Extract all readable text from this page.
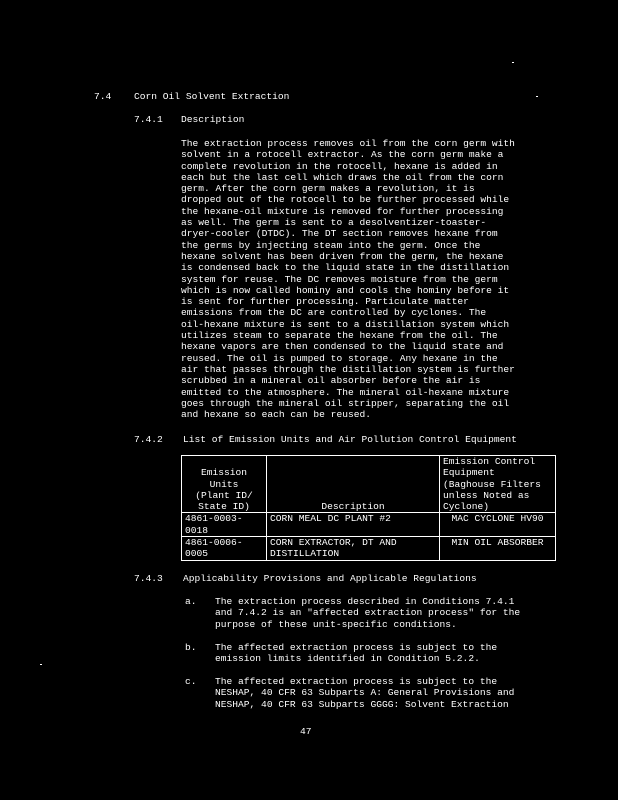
7.4 Corn Oil Solvent Extraction
7.4.1 Description
The extraction process removes oil from the corn germ with
solvent in a rotocell extractor. As the corn germ make a
complete revolution in the rotocell, hexane is added in
each but the last cell which draws the oil from the corn
germ. After the corn germ makes a revolution, it is
dropped out of the rotocell to be further processed while
the hexane-oil mixture is removed for further processing
as well. The germ is sent to a desolventizer-toaster-
dryer-cooler (DTDC). The DT section removes hexane from
the germs by injecting steam into the germ. Once the
hexane solvent has been driven from the germ, the hexane
is condensed back to the liquid state in the distillation
system for reuse. The DC removes moisture from the germ
which is now called hominy and cools the hominy before it
is sent for further processing. Particulate matter
emissions from the DC are controlled by cyclones. The
oil-hexane mixture is sent to a distillation system which
utilizes steam to separate the hexane from the oil. The
hexane vapors are then condensed to the liquid state and
reused. The oil is pumped to storage. Any hexane in the
air that passes through the distillation system is further
scrubbed in a mineral oil absorber before the air is
emitted to the atmosphere. The mineral oil-hexane mixture
goes through the mineral oil stripper, separating the oil
and hexane so each can be reused.
7.4.2 List of Emission Units and Air Pollution Control Equipment
Emission
Units
(Plant ID/
State ID)	Description	Emission Control
Equipment
(Baghouse Filters
unless Noted as
Cyclone)
4861-0003-
0018	CORN MEAL DC PLANT #2	MAC CYCLONE HV90
4861-0006-
0005	CORN EXTRACTOR, DT AND
DISTILLATION	MIN OIL ABSORBER
7.4.3 Applicability Provisions and Applicable Regulations
a. The extraction process described in Conditions 7.4.1
and 7.4.2 is an "affected extraction process" for the
purpose of these unit-specific conditions.
b. The affected extraction process is subject to the
emission limits identified in Condition 5.2.2.
c. The affected extraction process is subject to the
NESHAP, 40 CFR 63 Subparts A: General Provisions and
NESHAP, 40 CFR 63 Subparts GGGG: Solvent Extraction
47
